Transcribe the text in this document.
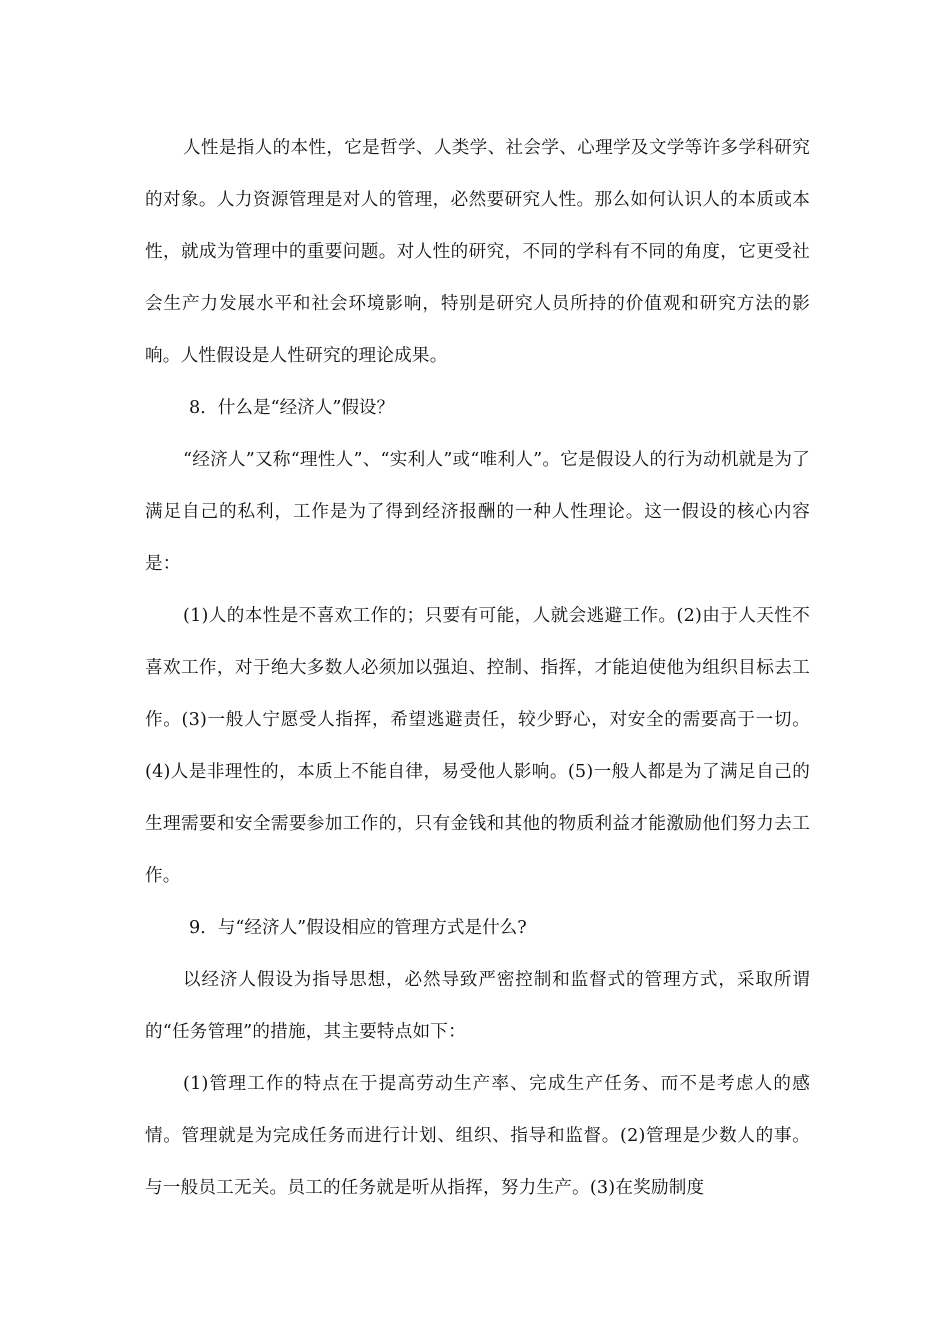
人性是指人的本性，它是哲学、人类学、社会学、心理学及文学等许多学科研究的对象。人力资源管理是对人的管理，必然要研究人性。那么如何认识人的本质或本性，就成为管理中的重要问题。对人性的研究，不同的学科有不同的角度，它更受社会生产力发展水平和社会环境影响，特别是研究人员所持的价值观和研究方法的影响。人性假设是人性研究的理论成果。

8．什么是“经济人”假设？

“经济人”又称“理性人”、“实利人”或“唯利人”。它是假设人的行为动机就是为了满足自己的私利，工作是为了得到经济报酬的一种人性理论。这一假设的核心内容是：

(1)人的本性是不喜欢工作的；只要有可能，人就会逃避工作。(2)由于人天性不喜欢工作，对于绝大多数人必须加以强迫、控制、指挥，才能迫使他为组织目标去工作。(3)一般人宁愿受人指挥，希望逃避责任，较少野心，对安全的需要高于一切。(4)人是非理性的，本质上不能自律，易受他人影响。(5)一般人都是为了满足自己的生理需要和安全需要参加工作的，只有金钱和其他的物质利益才能激励他们努力去工作。

9．与“经济人”假设相应的管理方式是什么?

以经济人假设为指导思想，必然导致严密控制和监督式的管理方式，采取所谓的“任务管理”的措施，其主要特点如下：

(1)管理工作的特点在于提高劳动生产率、完成生产任务、而不是考虑人的感情。管理就是为完成任务而进行计划、组织、指导和监督。(2)管理是少数人的事。与一般员工无关。员工的任务就是听从指挥，努力生产。(3)在奖励制度
